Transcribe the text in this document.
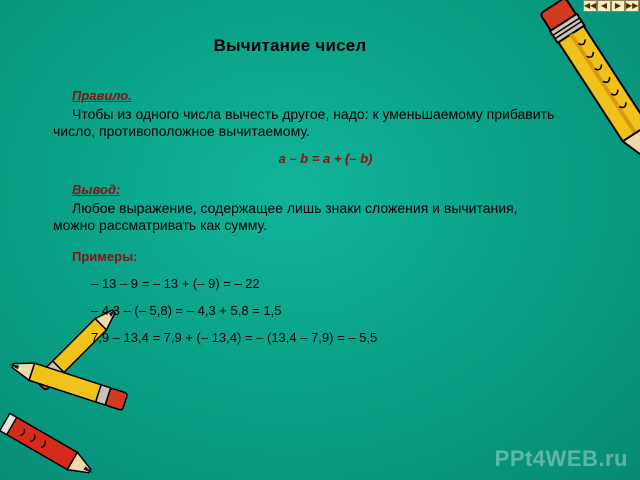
◀◀ ◀ ▶ ▶▶
Вычитание чисел
Правило.
Чтобы из одного числа вычесть другое, надо: к уменьшаемому прибавить число, противоположное вычитаемому.
a – b = a + (– b)
Вывод:
Любое выражение, содержащее лишь знаки сложения и вычитания, можно рассматривать как сумму.
Примеры:
– 13 – 9 = – 13 + (– 9) = – 22
– 4,3 – (– 5,8) = – 4,3 + 5,8 = 1,5
7,9 – 13,4 = 7,9 + (– 13,4) = – (13,4 – 7,9) = – 5,5
PPt4WEB.ru
